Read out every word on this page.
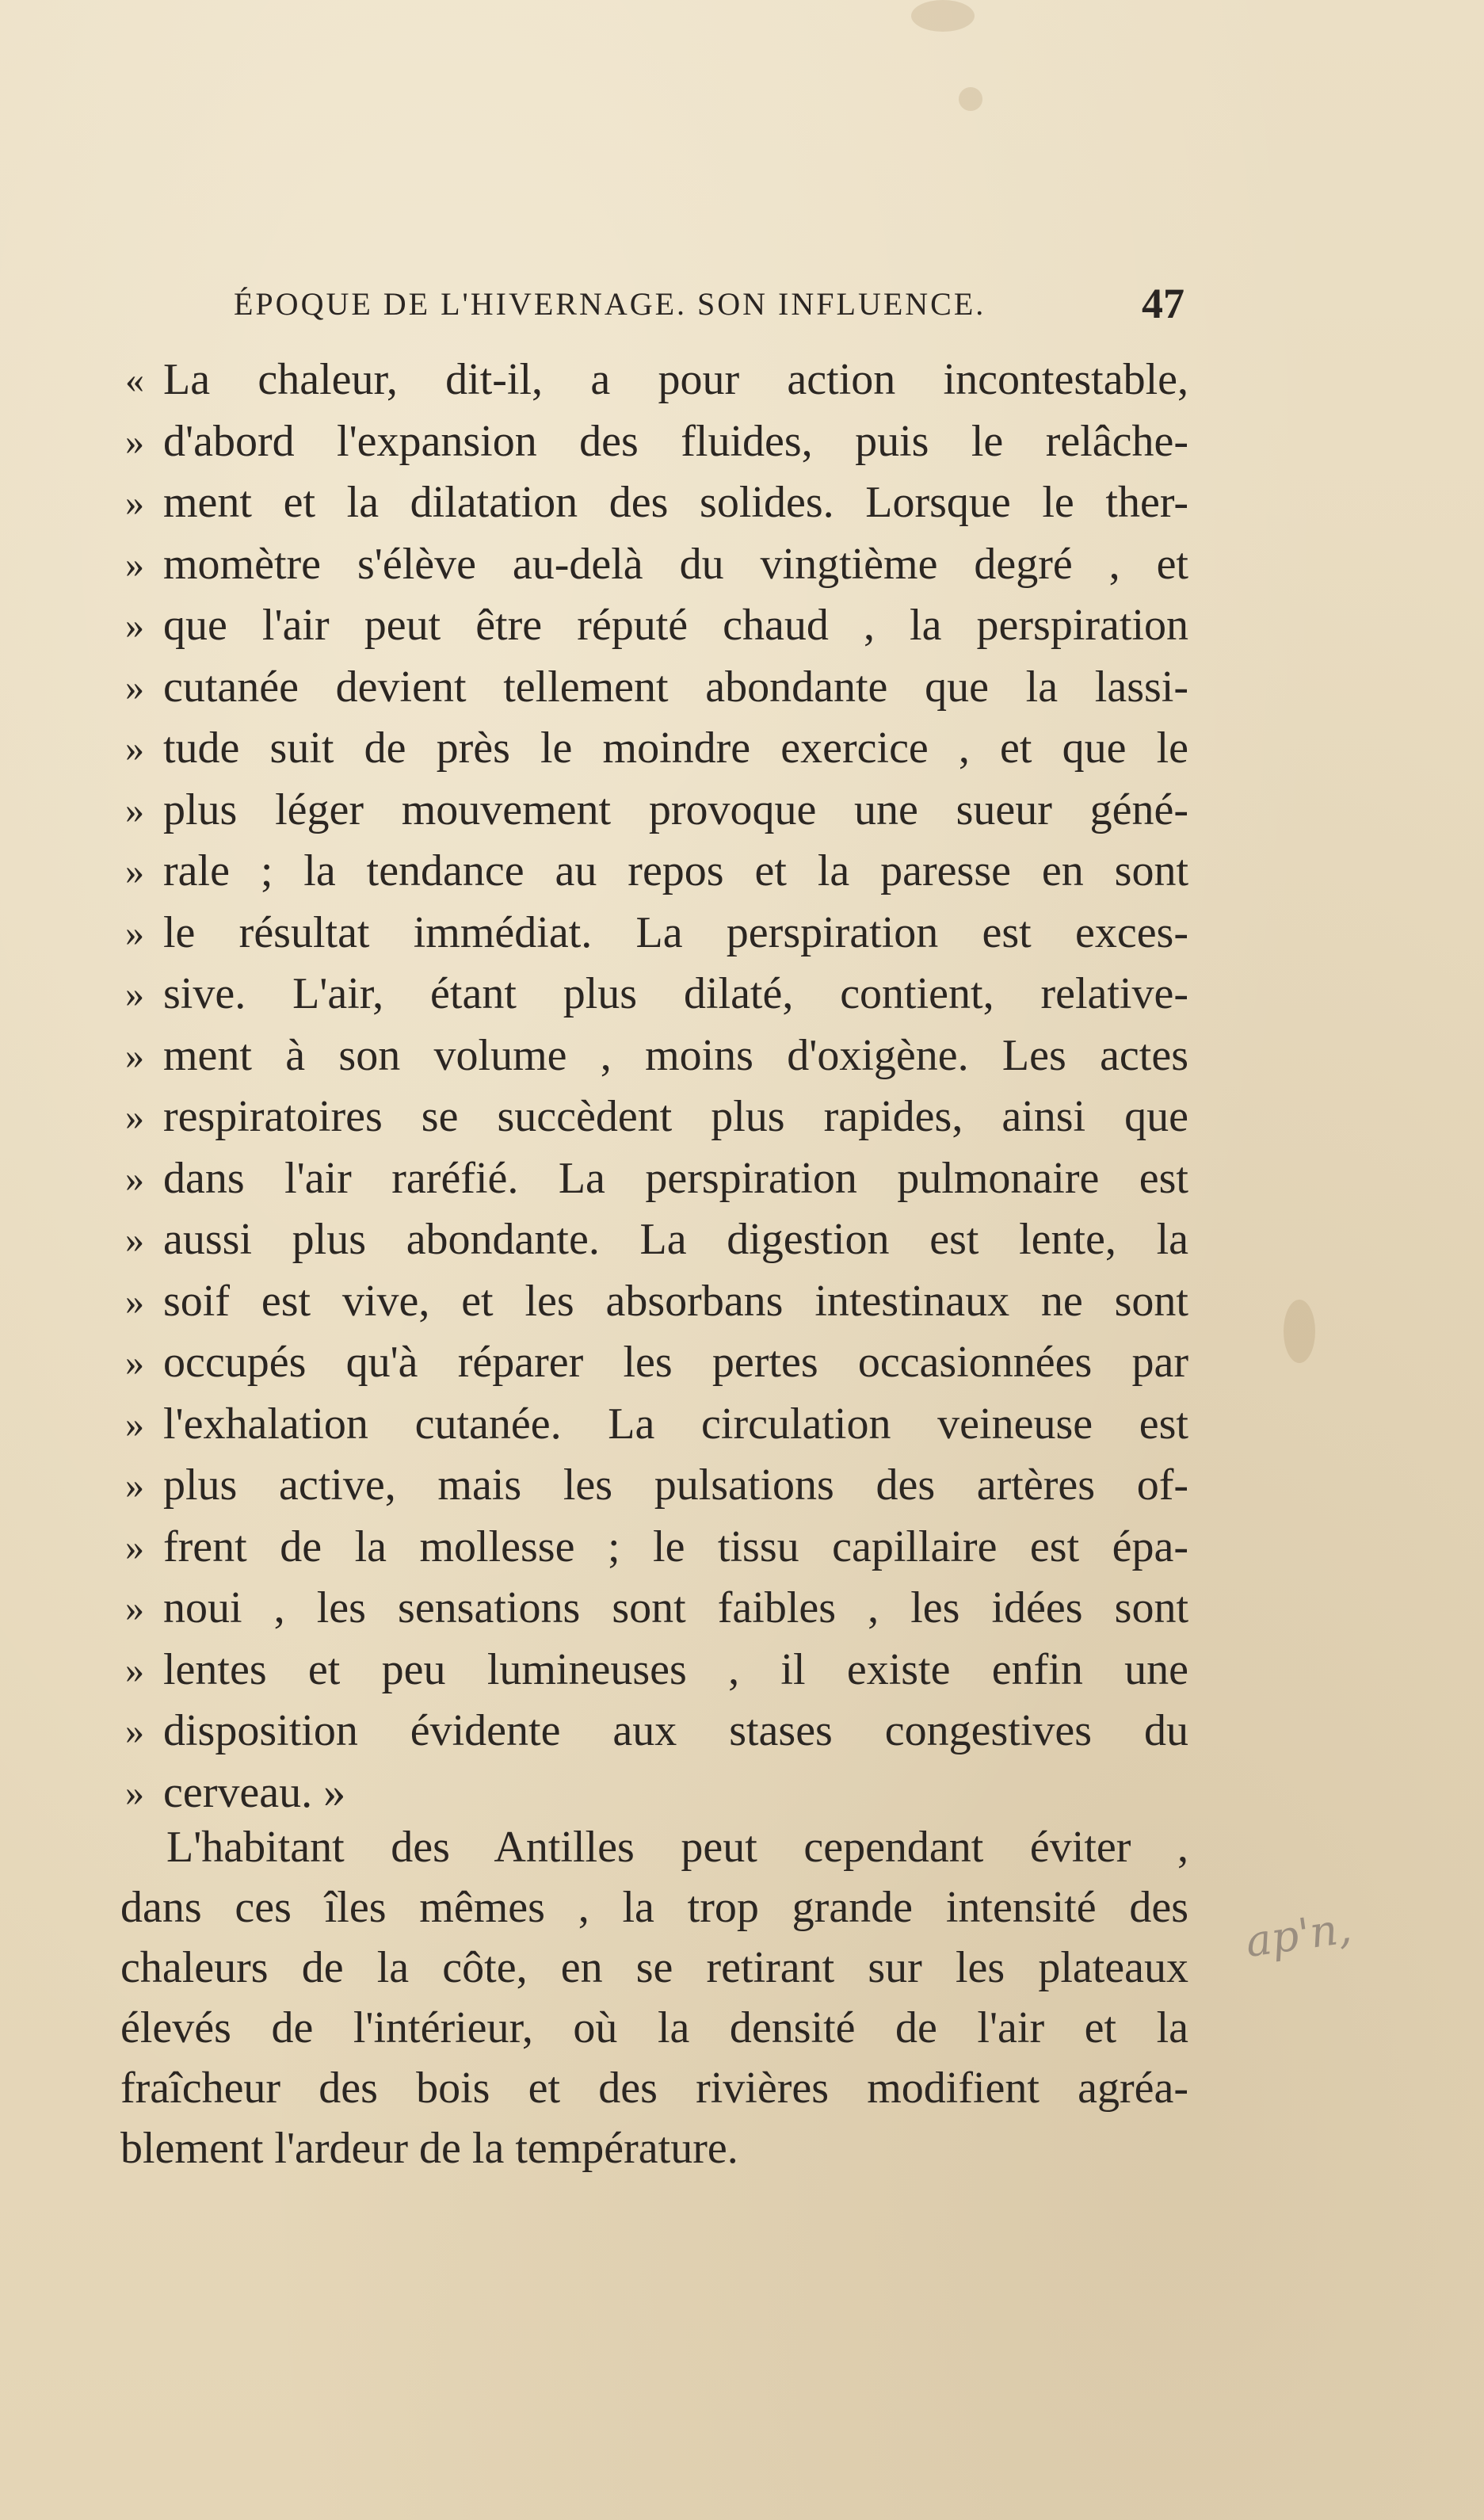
ÉPOQUE DE L'HIVERNAGE. SON INFLUENCE.	47
« La chaleur, dit-il, a pour action incontestable,
» d'abord l'expansion des fluides, puis le relâche-
» ment et la dilatation des solides. Lorsque le ther-
» momètre s'élève au-delà du vingtième degré , et
» que l'air peut être réputé chaud , la perspiration
» cutanée devient tellement abondante que la lassi-
» tude suit de près le moindre exercice , et que le
» plus léger mouvement provoque une sueur géné-
» rale ; la tendance au repos et la paresse en sont
» le résultat immédiat. La perspiration est exces-
» sive. L'air, étant plus dilaté, contient, relative-
» ment à son volume , moins d'oxigène. Les actes
» respiratoires se succèdent plus rapides, ainsi que
» dans l'air raréfié. La perspiration pulmonaire est
» aussi plus abondante. La digestion est lente, la
» soif est vive, et les absorbans intestinaux ne sont
» occupés qu'à réparer les pertes occasionnées par
» l'exhalation cutanée. La circulation veineuse est
» plus active, mais les pulsations des artères of-
» frent de la mollesse ; le tissu capillaire est épa-
» noui , les sensations sont faibles , les idées sont
» lentes et peu lumineuses , il existe enfin une
» disposition évidente aux stases congestives du
» cerveau. »
L'habitant des Antilles peut cependant éviter ,
dans ces îles mêmes , la trop grande intensité des
chaleurs de la côte, en se retirant sur les plateaux
élevés de l'intérieur, où la densité de l'air et la
fraîcheur des bois et des rivières modifient agréa-
blement l'ardeur de la température.
ap'n,
